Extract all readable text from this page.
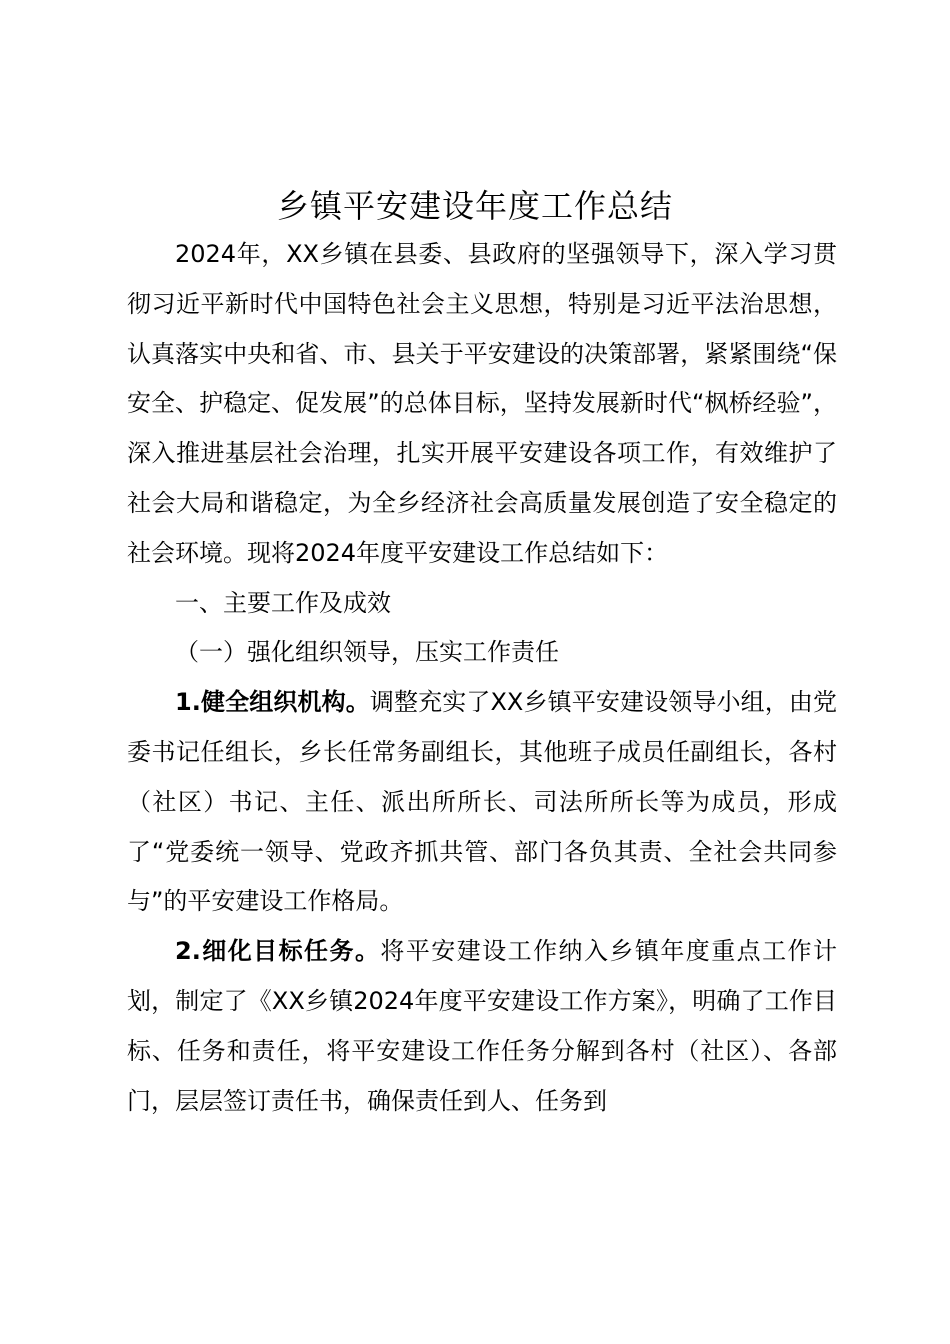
乡镇平安建设年度工作总结

2024年，XX乡镇在县委、县政府的坚强领导下，深入学习贯彻习近平新时代中国特色社会主义思想，特别是习近平法治思想，认真落实中央和省、市、县关于平安建设的决策部署，紧紧围绕“保安全、护稳定、促发展”的总体目标，坚持发展新时代“枫桥经验”，深入推进基层社会治理，扎实开展平安建设各项工作，有效维护了社会大局和谐稳定，为全乡经济社会高质量发展创造了安全稳定的社会环境。现将2024年度平安建设工作总结如下：

一、主要工作及成效

（一）强化组织领导，压实工作责任

1.健全组织机构。调整充实了XX乡镇平安建设领导小组，由党委书记任组长，乡长任常务副组长，其他班子成员任副组长，各村（社区）书记、主任、派出所所长、司法所所长等为成员，形成了“党委统一领导、党政齐抓共管、部门各负其责、全社会共同参与”的平安建设工作格局。

2.细化目标任务。将平安建设工作纳入乡镇年度重点工作计划，制定了《XX乡镇2024年度平安建设工作方案》，明确了工作目标、任务和责任，将平安建设工作任务分解到各村（社区）、各部门，层层签订责任书，确保责任到人、任务到
